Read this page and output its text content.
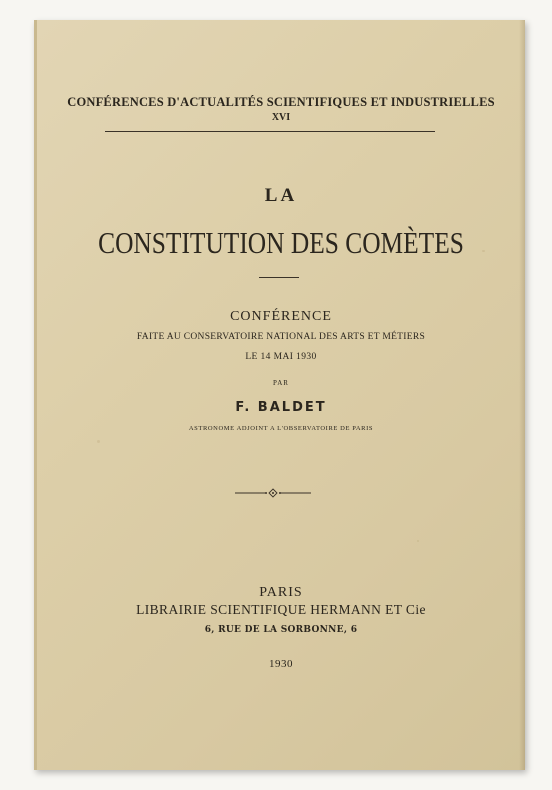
CONFÉRENCES D'ACTUALITÉS SCIENTIFIQUES ET INDUSTRIELLES
XVI
LA
CONSTITUTION DES COMÈTES
CONFÉRENCE
FAITE AU CONSERVATOIRE NATIONAL DES ARTS ET MÉTIERS
LE 14 MAI 1930
PAR
F. BALDET
ASTRONOME ADJOINT A L'OBSERVATOIRE DE PARIS
PARIS
LIBRAIRIE SCIENTIFIQUE HERMANN ET Cie
6, RUE DE LA SORBONNE, 6
1930
